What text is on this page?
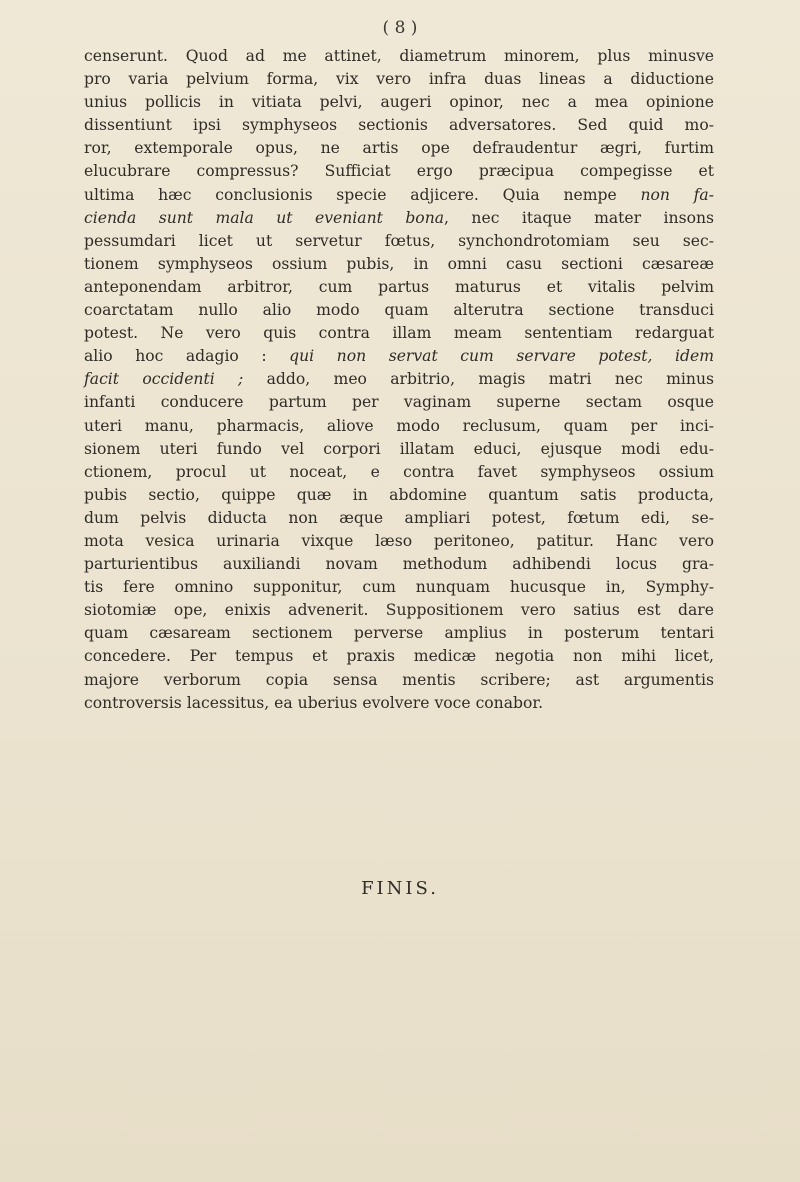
( 8 )
censerunt. Quod ad me attinet, diametrum minorem, plus minusve
pro varia pelvium forma, vix vero infra duas lineas a diductione
unius pollicis in vitiata pelvi, augeri opinor, nec a mea opinione
dissentiunt ipsi symphyseos sectionis adversatores. Sed quid mo-
ror, extemporale opus, ne artis ope defraudentur ægri, furtim
elucubrare compressus? Sufficiat ergo præcipua compegisse et
ultima hæc conclusionis specie adjicere. Quia nempe non fa-
cienda sunt mala ut eveniant bona, nec itaque mater insons
pessumdari licet ut servetur fœtus, synchondrotomiam seu sec-
tionem symphyseos ossium pubis, in omni casu sectioni cæsareæ
anteponendam arbitror, cum partus maturus et vitalis pelvim
coarctatam nullo alio modo quam alterutra sectione transduci
potest. Ne vero quis contra illam meam sententiam redarguat
alio hoc adagio : qui non servat cum servare potest, idem
facit occidenti ; addo, meo arbitrio, magis matri nec minus
infanti conducere partum per vaginam superne sectam osque
uteri manu, pharmacis, aliove modo reclusum, quam per inci-
sionem uteri fundo vel corpori illatam educi, ejusque modi edu-
ctionem, procul ut noceat, e contra favet symphyseos ossium
pubis sectio, quippe quæ in abdomine quantum satis producta,
dum pelvis diducta non æque ampliari potest, fœtum edi, se-
mota vesica urinaria vixque læso peritoneo, patitur. Hanc vero
parturientibus auxiliandi novam methodum adhibendi locus gra-
tis fere omnino supponitur, cum nunquam hucusque in, Symphy-
siotomiæ ope, enixis advenerit. Suppositionem vero satius est dare
quam cæsaream sectionem perverse amplius in posterum tentari
concedere. Per tempus et praxis medicæ negotia non mihi licet,
majore verborum copia sensa mentis scribere; ast argumentis
controversis lacessitus, ea uberius evolvere voce conabor.
FINIS.
